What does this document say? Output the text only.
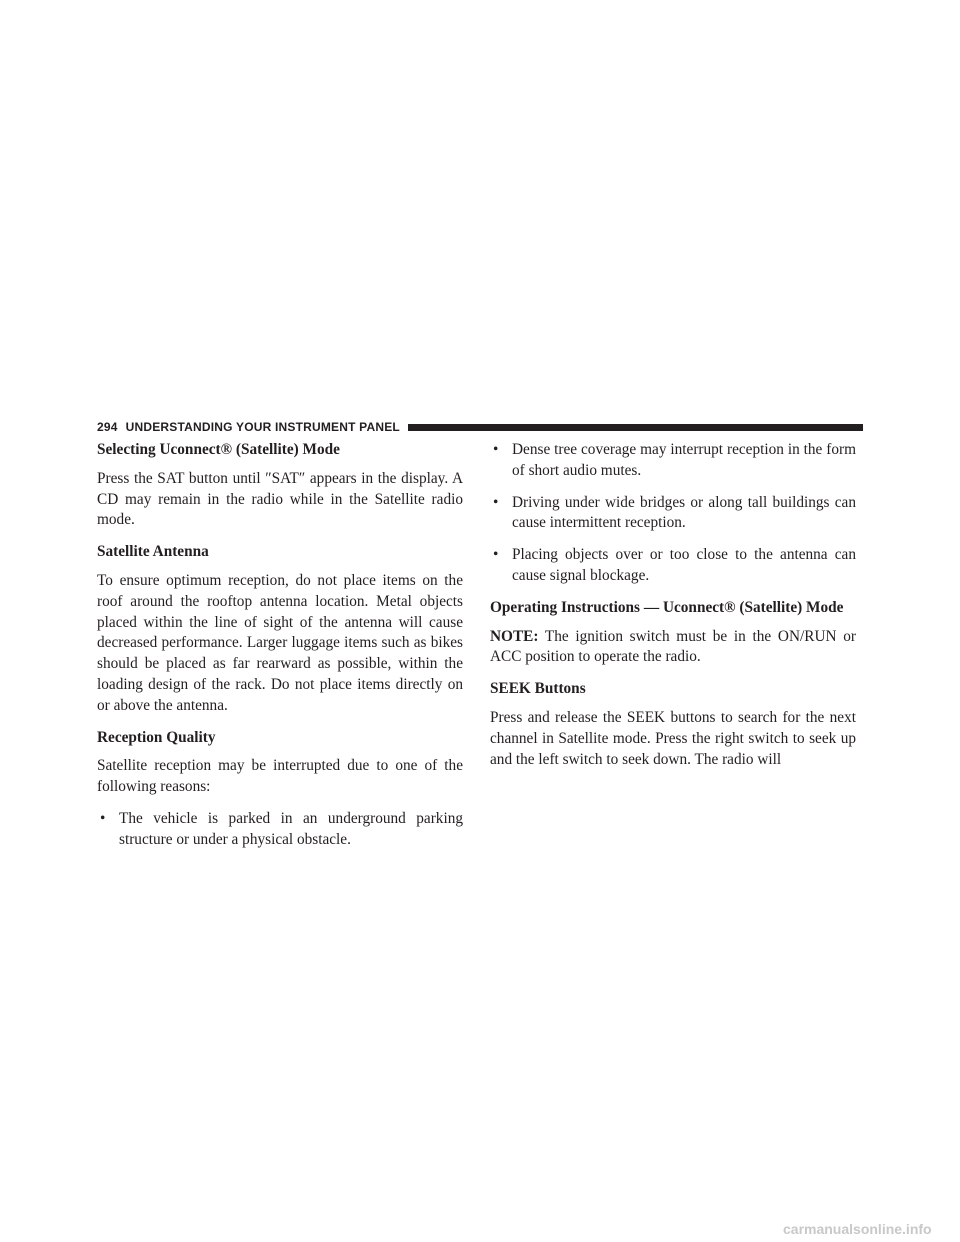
294 UNDERSTANDING YOUR INSTRUMENT PANEL
Selecting Uconnect® (Satellite) Mode
Press the SAT button until ″SAT″ appears in the display. A CD may remain in the radio while in the Satellite radio mode.
Satellite Antenna
To ensure optimum reception, do not place items on the roof around the rooftop antenna location. Metal objects placed within the line of sight of the antenna will cause decreased performance. Larger luggage items such as bikes should be placed as far rearward as possible, within the loading design of the rack. Do not place items directly on or above the antenna.
Reception Quality
Satellite reception may be interrupted due to one of the following reasons:
• The vehicle is parked in an underground parking structure or under a physical obstacle.
• Dense tree coverage may interrupt reception in the form of short audio mutes.
• Driving under wide bridges or along tall buildings can cause intermittent reception.
• Placing objects over or too close to the antenna can cause signal blockage.
Operating Instructions — Uconnect® (Satellite) Mode
NOTE: The ignition switch must be in the ON/RUN or ACC position to operate the radio.
SEEK Buttons
Press and release the SEEK buttons to search for the next channel in Satellite mode. Press the right switch to seek up and the left switch to seek down. The radio will
carmanualsonline.info
